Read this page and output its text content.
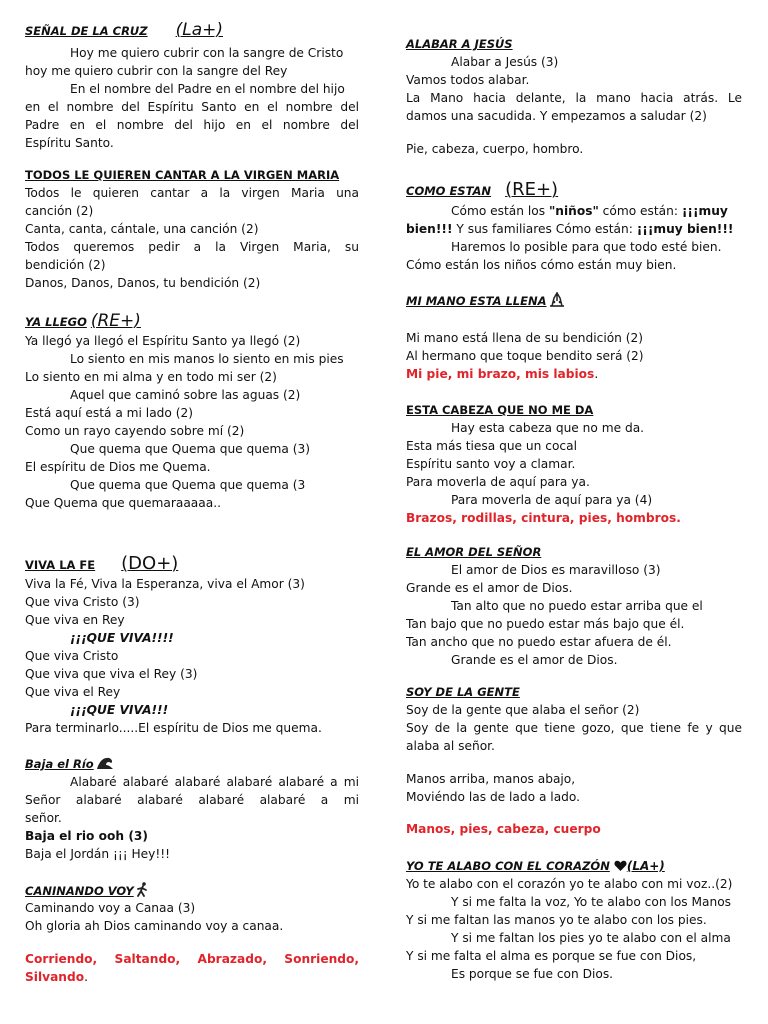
SEÑAL DE LA CRUZ (La+)
Hoy me quiero cubrir con la sangre de Cristo
hoy me quiero cubrir con la sangre del Rey
En el nombre del Padre en el nombre del hijo
en el nombre del Espíritu Santo en el nombre del
Padre en el nombre del hijo en el nombre del
Espíritu Santo.
TODOS LE QUIEREN CANTAR A LA VIRGEN MARIA
Todos le quieren cantar a la virgen Maria una
canción (2)
Canta, canta, cántale, una canción (2)
Todos queremos pedir a la Virgen Maria, su
bendición (2)
Danos, Danos, Danos, tu bendición (2)
YA LLEGO (RE+)
Ya llegó ya llegó el Espíritu Santo ya llegó (2)
Lo siento en mis manos lo siento en mis pies
Lo siento en mi alma y en todo mi ser (2)
Aquel que caminó sobre las aguas (2)
Está aquí está a mi lado (2)
Como un rayo cayendo sobre mí (2)
Que quema que Quema que quema (3)
El espíritu de Dios me Quema.
Que quema que Quema que quema (3
Que Quema que quemaraaaaa..
VIVA LA FE (DO+)
Viva la Fé, Viva la Esperanza, viva el Amor (3)
Que viva Cristo (3)
Que viva en Rey
¡¡¡QUE VIVA!!!!
Que viva Cristo
Que viva que viva el Rey (3)
Que viva el Rey
¡¡¡QUE VIVA!!!
Para terminarlo.....El espíritu de Dios me quema.
Baja el Río
Alabaré alabaré alabaré alabaré alabaré a mi
Señor alabaré alabaré alabaré alabaré a mi
señor.
Baja el rio ooh (3)
Baja el Jordán ¡¡¡ Hey!!!
CANINANDO VOY
Caminando voy a Canaa (3)
Oh gloria ah Dios caminando voy a canaa.
Corriendo, Saltando, Abrazado, Sonriendo,
Silvando.
ALABAR A JESÚS
Alabar a Jesús (3)
Vamos todos alabar.
La Mano hacia delante, la mano hacia atrás. Le
damos una sacudida. Y empezamos a saludar (2)
Pie, cabeza, cuerpo, hombro.
COMO ESTAN (RE+)
Cómo están los "niños" cómo están: ¡¡¡muy
bien!!! Y sus familiares Cómo están: ¡¡¡muy bien!!!
Haremos lo posible para que todo esté bien.
Cómo están los niños cómo están muy bien.
MI MANO ESTA LLENA
Mi mano está llena de su bendición (2)
Al hermano que toque bendito será (2)
Mi pie, mi brazo, mis labios.
ESTA CABEZA QUE NO ME DA
Hay esta cabeza que no me da.
Esta más tiesa que un cocal
Espíritu santo voy a clamar.
Para moverla de aquí para ya.
Para moverla de aquí para ya (4)
Brazos, rodillas, cintura, pies, hombros.
EL AMOR DEL SEÑOR
El amor de Dios es maravilloso (3)
Grande es el amor de Dios.
Tan alto que no puedo estar arriba que el
Tan bajo que no puedo estar más bajo que él.
Tan ancho que no puedo estar afuera de él.
Grande es el amor de Dios.
SOY DE LA GENTE
Soy de la gente que alaba el señor (2)
Soy de la gente que tiene gozo, que tiene fe y que
alaba al señor.
Manos arriba, manos abajo,
Moviéndo las de lado a lado.
Manos, pies, cabeza, cuerpo
YO TE ALABO CON EL CORAZÓN (LA+)
Yo te alabo con el corazón yo te alabo con mi voz..(2)
Y si me falta la voz, Yo te alabo con los Manos
Y si me faltan las manos yo te alabo con los pies.
Y si me faltan los pies yo te alabo con el alma
Y si me falta el alma es porque se fue con Dios,
Es porque se fue con Dios.
